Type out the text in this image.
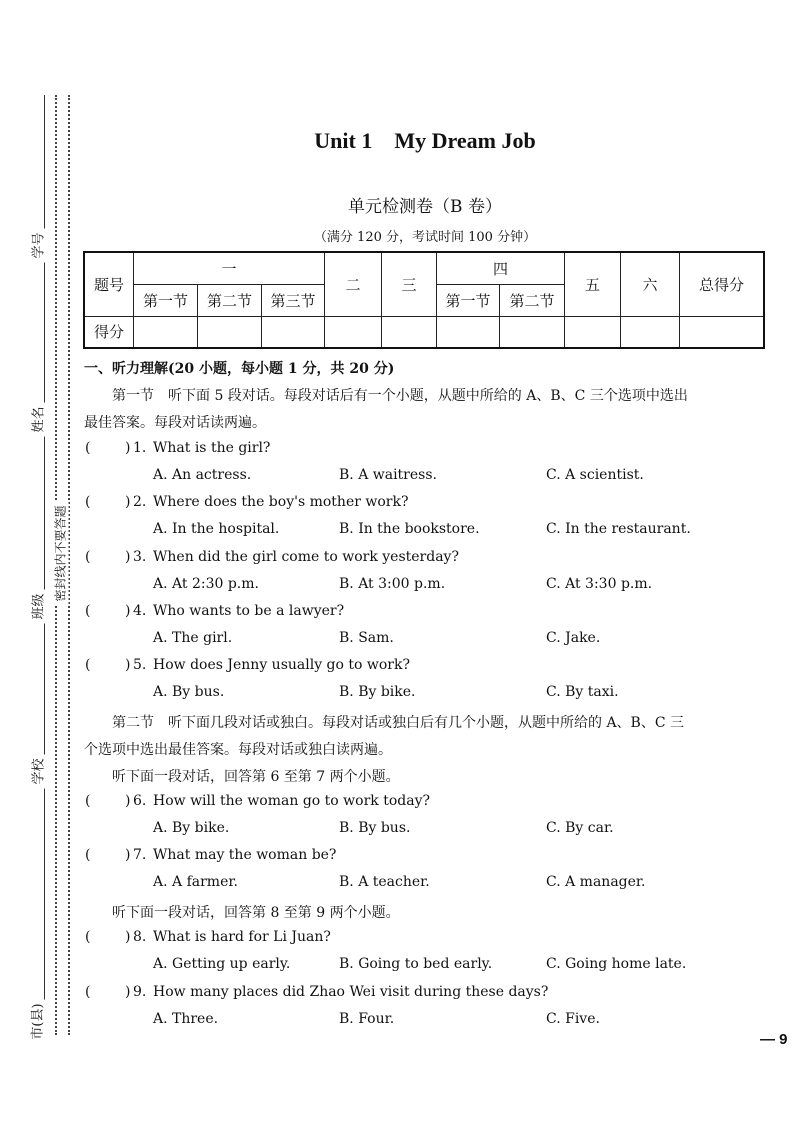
学号
姓名
班级
学校
市(县)
密封线内不要答题
Unit 1　My Dream Job
单元检测卷（B 卷）
（满分 120 分，考试时间 100 分钟）
题号	一			二	三	四		五	六	总得分
	第一节	第二节	第三节			第一节	第二节			
得分										
一、听力理解(20 小题，每小题 1 分，共 20 分)
第一节　听下面 5 段对话。每段对话后有一个小题，从题中所给的 A、B、C 三个选项中选出
最佳答案。每段对话读两遍。
第二节　听下面几段对话或独白。每段对话或独白后有几个小题，从题中所给的 A、B、C 三
个选项中选出最佳答案。每段对话或独白读两遍。
听下面一段对话，回答第 6 至第 7 两个小题。
听下面一段对话，回答第 8 至第 9 两个小题。
( ) 1. What is the girl?
A. An actress.	B. A waitress.	C. A scientist.
( ) 2. Where does the boy's mother work?
A. In the hospital.	B. In the bookstore.	C. In the restaurant.
( ) 3. When did the girl come to work yesterday?
A. At 2:30 p.m.	B. At 3:00 p.m.	C. At 3:30 p.m.
( ) 4. Who wants to be a lawyer?
A. The girl.	B. Sam.	C. Jake.
( ) 5. How does Jenny usually go to work?
A. By bus.	B. By bike.	C. By taxi.
( ) 6. How will the woman go to work today?
A. By bike.	B. By bus.	C. By car.
( ) 7. What may the woman be?
A. A farmer.	B. A teacher.	C. A manager.
( ) 8. What is hard for Li Juan?
A. Getting up early.	B. Going to bed early.	C. Going home late.
( ) 9. How many places did Zhao Wei visit during these days?
A. Three.	B. Four.	C. Five.
— 9
